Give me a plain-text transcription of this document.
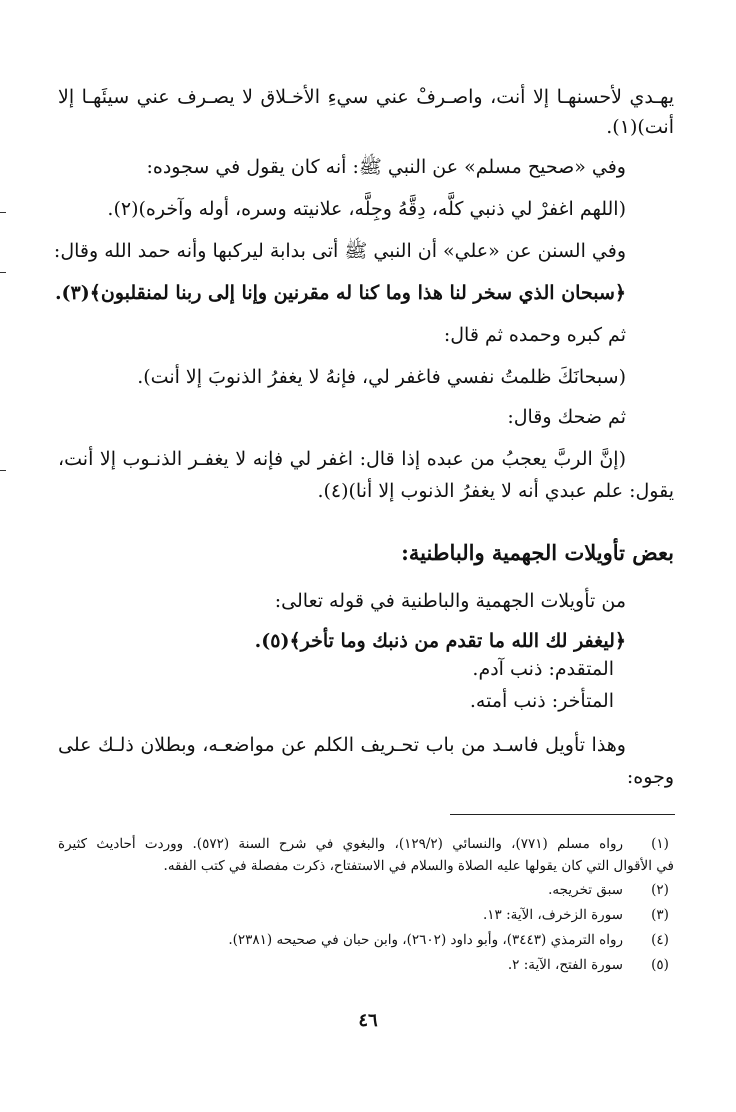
يهـدي لأحسنهـا إلا أنت، واصـرفْ عني سيءِ الأخـلاق لا يصـرف عني سيئَهـا إلا
أنت)(١).
وفي «صحيح مسلم» عن النبي ﷺ: أنه كان يقول في سجوده:
(اللهم اغفرْ لي ذنبي كلَّه، دِقَّهُ وجِلَّه، علانيته وسره، أوله وآخره)(٢).
وفي السنن عن «علي» أن النبي ﷺ أتى بدابة ليركبها وأنه حمد الله وقال:
﴿سبحان الذي سخر لنا هذا وما كنا له مقرنين وإنا إلى ربنا لمنقلبون﴾(٣).
ثم كبره وحمده ثم قال:
(سبحانَكَ ظلمتُ نفسي فاغفر لي، فإنهُ لا يغفرُ الذنوبَ إلا أنت).
ثم ضحك وقال:
(إنَّ الربَّ يعجبُ من عبده إذا قال: اغفر لي فإنه لا يغفـر الذنـوب إلا أنت،
يقول: علم عبدي أنه لا يغفرُ الذنوب إلا أنا)(٤).
بعض تأويلات الجهمية والباطنية:
من تأويلات الجهمية والباطنية في قوله تعالى:
﴿ليغفر لك الله ما تقدم من ذنبك وما تأخر﴾(٥).
المتقدم: ذنب آدم.
المتأخر: ذنب أمته.
وهذا تأويل فاسـد من باب تحـريف الكلم عن مواضعـه، وبطلان ذلـك على
وجوه:
(١)
رواه مسلم (٧٧١)، والنسائي (١٢٩/٢)، والبغوي في شرح السنة (٥٧٢). ووردت أحاديث كثيرة
في الأقوال التي كان يقولها عليه الصلاة والسلام في الاستفتاح، ذكرت مفصلة في كتب الفقه.
(٢)
سبق تخريجه.
(٣)
سورة الزخرف، الآية: ١٣.
(٤)
رواه الترمذي (٣٤٤٣)، وأبو داود (٢٦٠٢)، وابن حبان في صحيحه (٢٣٨١).
(٥)
سورة الفتح، الآية: ٢.
٤٦
